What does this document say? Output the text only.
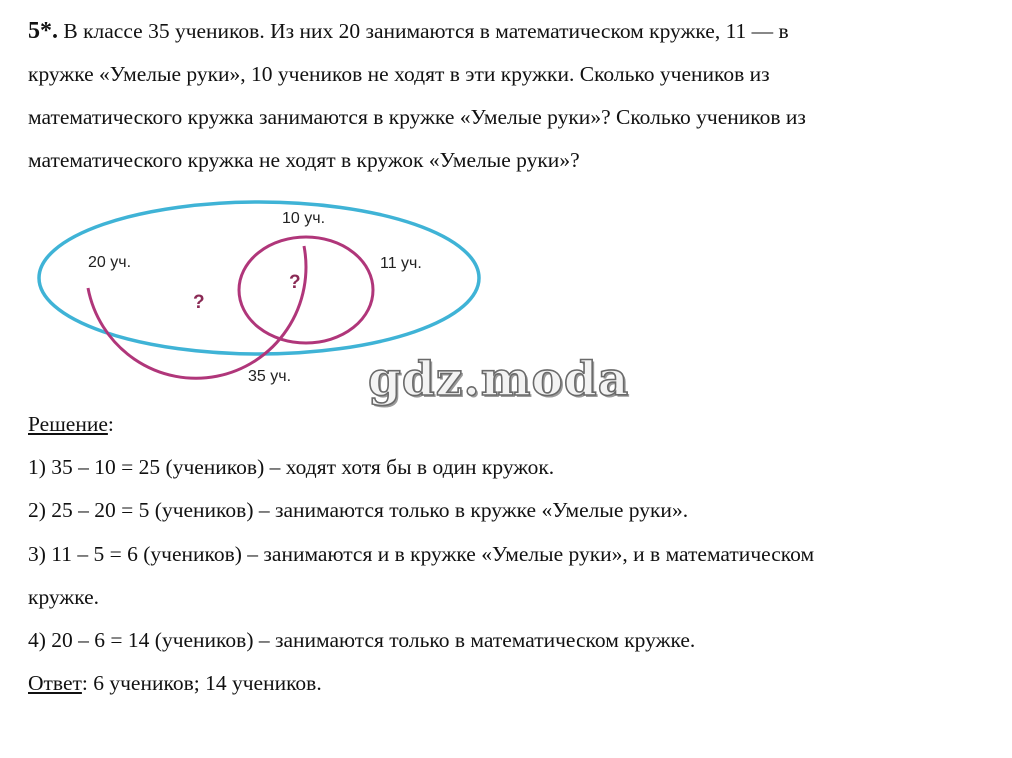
5*. В классе 35 учеников. Из них 20 занимаются в математическом кружке, 11 — в

кружке «Умелые руки», 10 учеников не ходят в эти кружки. Сколько учеников из

математического кружка занимаются в кружке «Умелые руки»? Сколько учеников из

математического кружка не ходят в кружок «Умелые руки»?

10 уч.
20 уч.	11 уч.
?
?
35 уч. gdz.moda

Решение:

1) 35 – 10 = 25 (учеников) – ходят хотя бы в один кружок.

2) 25 – 20 = 5 (учеников) – занимаются только в кружке «Умелые руки».

3) 11 – 5 = 6 (учеников) – занимаются и в кружке «Умелые руки», и в математическом

кружке.

4) 20 – 6 = 14 (учеников) – занимаются только в математическом кружке.

Ответ: 6 учеников; 14 учеников.
